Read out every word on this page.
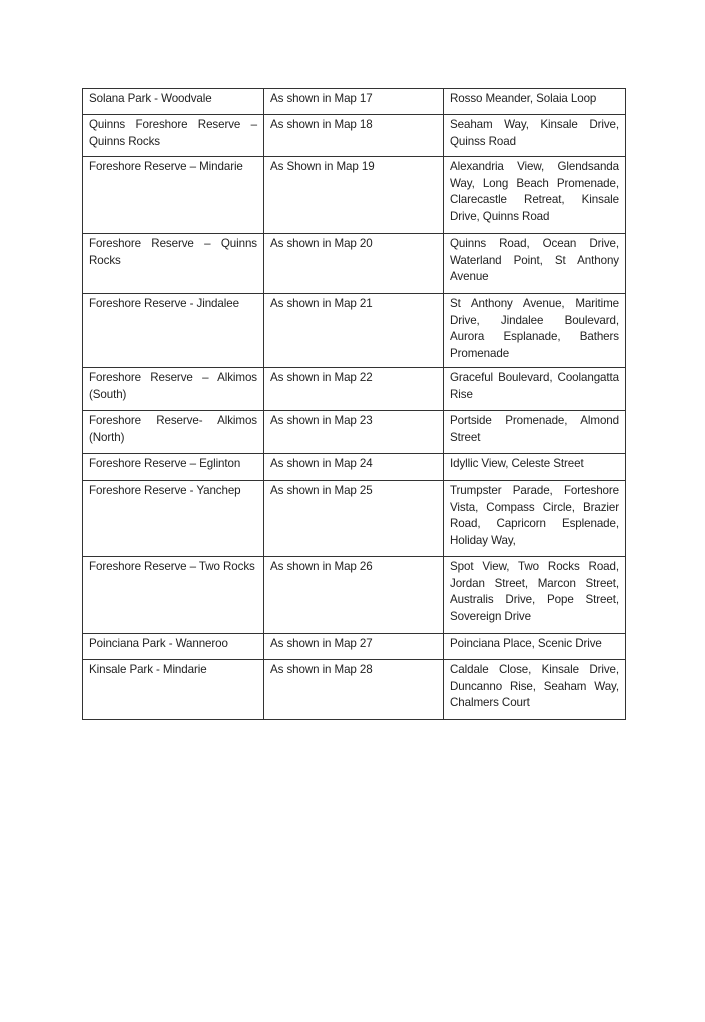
Solana Park - Woodvale	As shown in Map 17	Rosso Meander, Solaia Loop
Quinns Foreshore Reserve – Quinns Rocks	As shown in Map 18	Seaham Way, Kinsale Drive, Quinss Road
Foreshore Reserve – Mindarie	As Shown in Map 19	Alexandria View, Glendsanda Way, Long Beach Promenade, Clarecastle Retreat, Kinsale Drive, Quinns Road
Foreshore Reserve – Quinns Rocks	As shown in Map 20	Quinns Road, Ocean Drive, Waterland Point, St Anthony Avenue
Foreshore Reserve - Jindalee	As shown in Map 21	St Anthony Avenue, Maritime Drive, Jindalee Boulevard, Aurora Esplanade, Bathers Promenade
Foreshore Reserve – Alkimos (South)	As shown in Map 22	Graceful Boulevard, Coolangatta Rise
Foreshore Reserve- Alkimos (North)	As shown in Map 23	Portside Promenade, Almond Street
Foreshore Reserve – Eglinton	As shown in Map 24	Idyllic View, Celeste Street
Foreshore Reserve - Yanchep	As shown in Map 25	Trumpster Parade, Forteshore Vista, Compass Circle, Brazier Road, Capricorn Esplenade, Holiday Way,
Foreshore Reserve – Two Rocks	As shown in Map 26	Spot View, Two Rocks Road, Jordan Street, Marcon Street, Australis Drive, Pope Street, Sovereign Drive
Poinciana Park - Wanneroo	As shown in Map 27	Poinciana Place, Scenic Drive
Kinsale Park - Mindarie	As shown in Map 28	Caldale Close, Kinsale Drive, Duncanno Rise, Seaham Way, Chalmers Court
